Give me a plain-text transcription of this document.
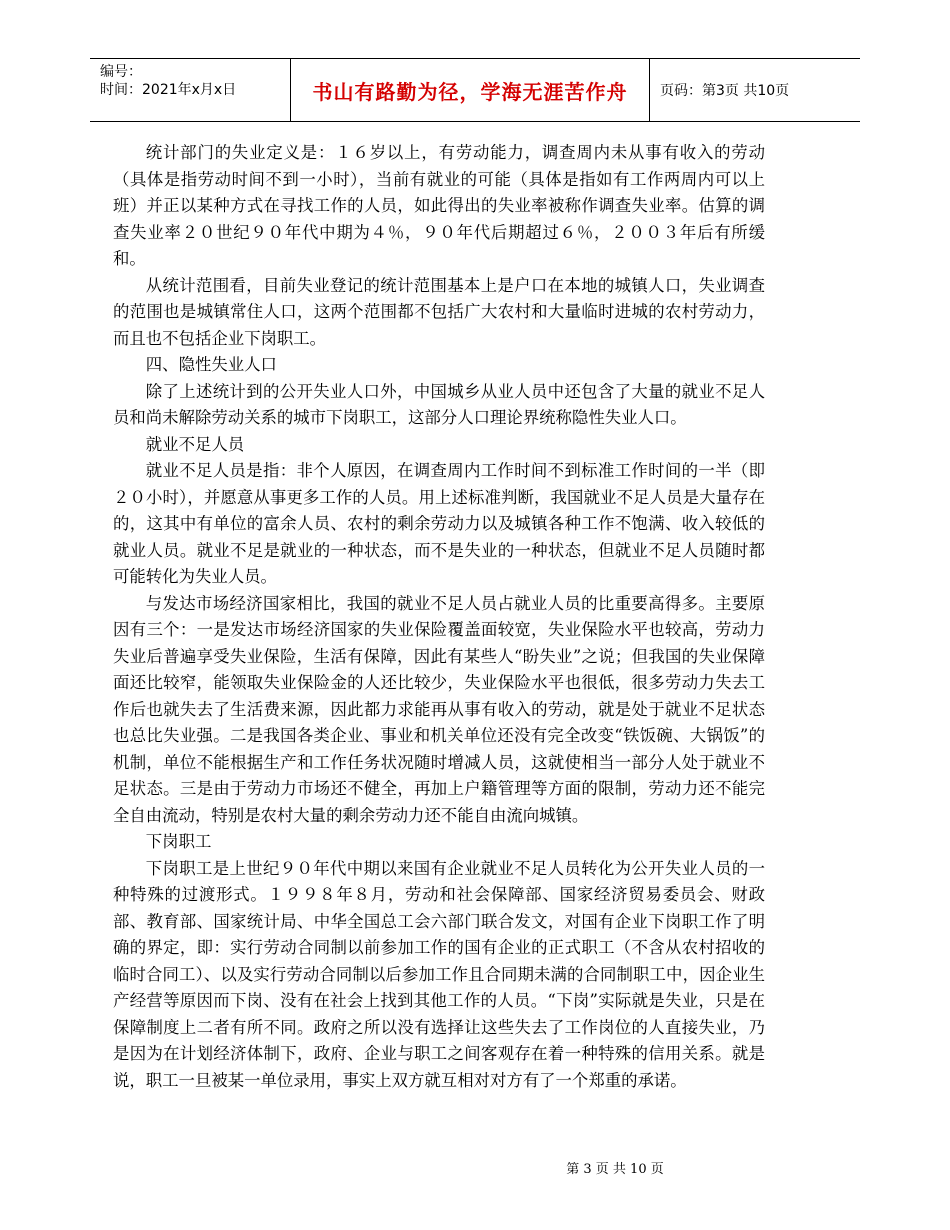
编号：
时间：2021年x月x日	书山有路勤为径，学海无涯苦作舟	页码：第3页 共10页

统计部门的失业定义是：１６岁以上，有劳动能力，调查周内未从事有收入的劳动（具体是指劳动时间不到一小时），当前有就业的可能（具体是指如有工作两周内可以上班）并正以某种方式在寻找工作的人员，如此得出的失业率被称作调查失业率。估算的调查失业率２０世纪９０年代中期为４％，９０年代后期超过６％，２００３年后有所缓和。

从统计范围看，目前失业登记的统计范围基本上是户口在本地的城镇人口，失业调查的范围也是城镇常住人口，这两个范围都不包括广大农村和大量临时进城的农村劳动力，而且也不包括企业下岗职工。

四、隐性失业人口

除了上述统计到的公开失业人口外，中国城乡从业人员中还包含了大量的就业不足人员和尚未解除劳动关系的城市下岗职工，这部分人口理论界统称隐性失业人口。

就业不足人员

就业不足人员是指：非个人原因，在调查周内工作时间不到标准工作时间的一半（即２０小时），并愿意从事更多工作的人员。用上述标准判断，我国就业不足人员是大量存在的，这其中有单位的富余人员、农村的剩余劳动力以及城镇各种工作不饱满、收入较低的就业人员。就业不足是就业的一种状态，而不是失业的一种状态，但就业不足人员随时都可能转化为失业人员。

与发达市场经济国家相比，我国的就业不足人员占就业人员的比重要高得多。主要原因有三个：一是发达市场经济国家的失业保险覆盖面较宽，失业保险水平也较高，劳动力失业后普遍享受失业保险，生活有保障，因此有某些人“盼失业”之说；但我国的失业保障面还比较窄，能领取失业保险金的人还比较少，失业保险水平也很低，很多劳动力失去工作后也就失去了生活费来源，因此都力求能再从事有收入的劳动，就是处于就业不足状态也总比失业强。二是我国各类企业、事业和机关单位还没有完全改变“铁饭碗、大锅饭”的机制，单位不能根据生产和工作任务状况随时增减人员，这就使相当一部分人处于就业不足状态。三是由于劳动力市场还不健全，再加上户籍管理等方面的限制，劳动力还不能完全自由流动，特别是农村大量的剩余劳动力还不能自由流向城镇。

下岗职工

下岗职工是上世纪９０年代中期以来国有企业就业不足人员转化为公开失业人员的一种特殊的过渡形式。１９９８年８月，劳动和社会保障部、国家经济贸易委员会、财政部、教育部、国家统计局、中华全国总工会六部门联合发文，对国有企业下岗职工作了明确的界定，即：实行劳动合同制以前参加工作的国有企业的正式职工（不含从农村招收的临时合同工）、以及实行劳动合同制以后参加工作且合同期未满的合同制职工中，因企业生产经营等原因而下岗、没有在社会上找到其他工作的人员。“下岗”实际就是失业，只是在保障制度上二者有所不同。政府之所以没有选择让这些失去了工作岗位的人直接失业，乃是因为在计划经济体制下，政府、企业与职工之间客观存在着一种特殊的信用关系。就是说，职工一旦被某一单位录用，事实上双方就互相对对方有了一个郑重的承诺。

第 3 页 共 10 页
